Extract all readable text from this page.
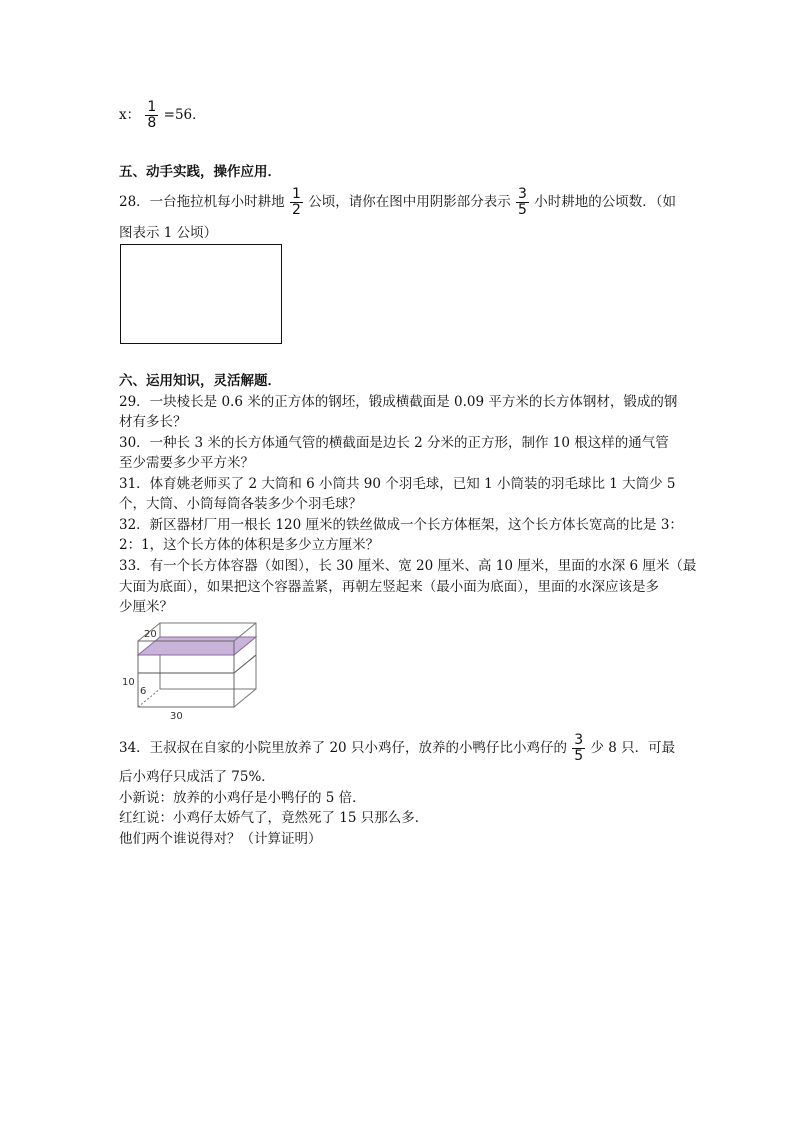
x： $\frac{1}{8} =56$．
五、动手实践，操作应用．
28．一台拖拉机每小时耕地 $\frac{1}{2}$ 公顷，请你在图中用阴影部分表示 $\frac{3}{5}$ 小时耕地的公顷数．（如
图表示 1 公顷）
六、运用知识，灵活解题．
29．一块棱长是 0.6 米的正方体的钢坯，锻成横截面是 0.09 平方米的长方体钢材，锻成的钢
材有多长？
30．一种长 3 米的长方体通气管的横截面是边长 2 分米的正方形，制作 10 根这样的通气管
至少需要多少平方米？
31．体育姚老师买了 2 大筒和 6 小筒共 90 个羽毛球，已知 1 小筒装的羽毛球比 1 大筒少 5
个，大筒、小筒每筒各装多少个羽毛球？
32．新区器材厂用一根长 120 厘米的铁丝做成一个长方体框架，这个长方体长宽高的比是 3：
2：1，这个长方体的体积是多少立方厘米？
33．有一个长方体容器（如图），长 30 厘米、宽 20 厘米、高 10 厘米，里面的水深 6 厘米（最
大面为底面），如果把这个容器盖紧，再朝左竖起来（最小面为底面），里面的水深应该是多
少厘米？
20
10
6
30
34．王叔叔在自家的小院里放养了 20 只小鸡仔，放养的小鸭仔比小鸡仔的 $\frac{3}{5}$ 少 8 只．可最
后小鸡仔只成活了 75%．
小新说：放养的小鸡仔是小鸭仔的 5 倍．
红红说：小鸡仔太娇气了，竟然死了 15 只那么多．
他们两个谁说得对？（计算证明）
